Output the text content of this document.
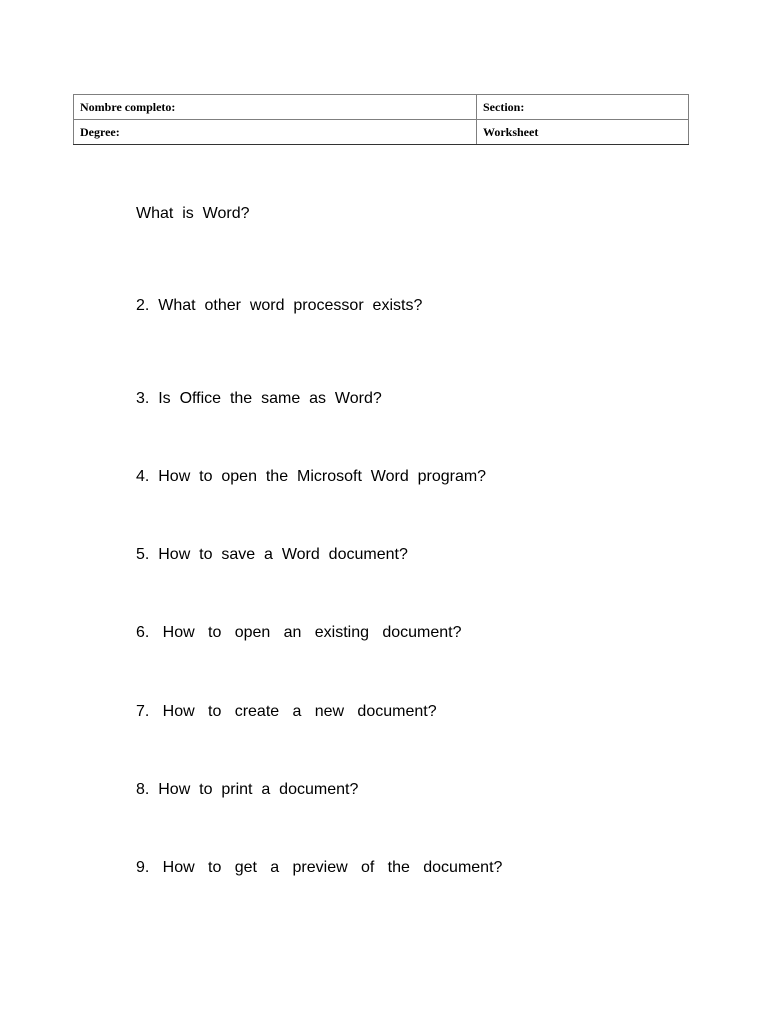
Nombre completo:	Section:
Degree:	Worksheet
What  is  Word?
2.  What  other  word  processor  exists?
3.  Is  Office  the  same  as  Word?
4.  How  to  open  the  Microsoft  Word  program?
5.  How  to  save  a  Word  document?
6.   How   to   open   an   existing   document?
7.   How   to   create   a   new   document?
8.  How  to  print  a  document?
9.   How   to   get   a   preview   of   the   document?
